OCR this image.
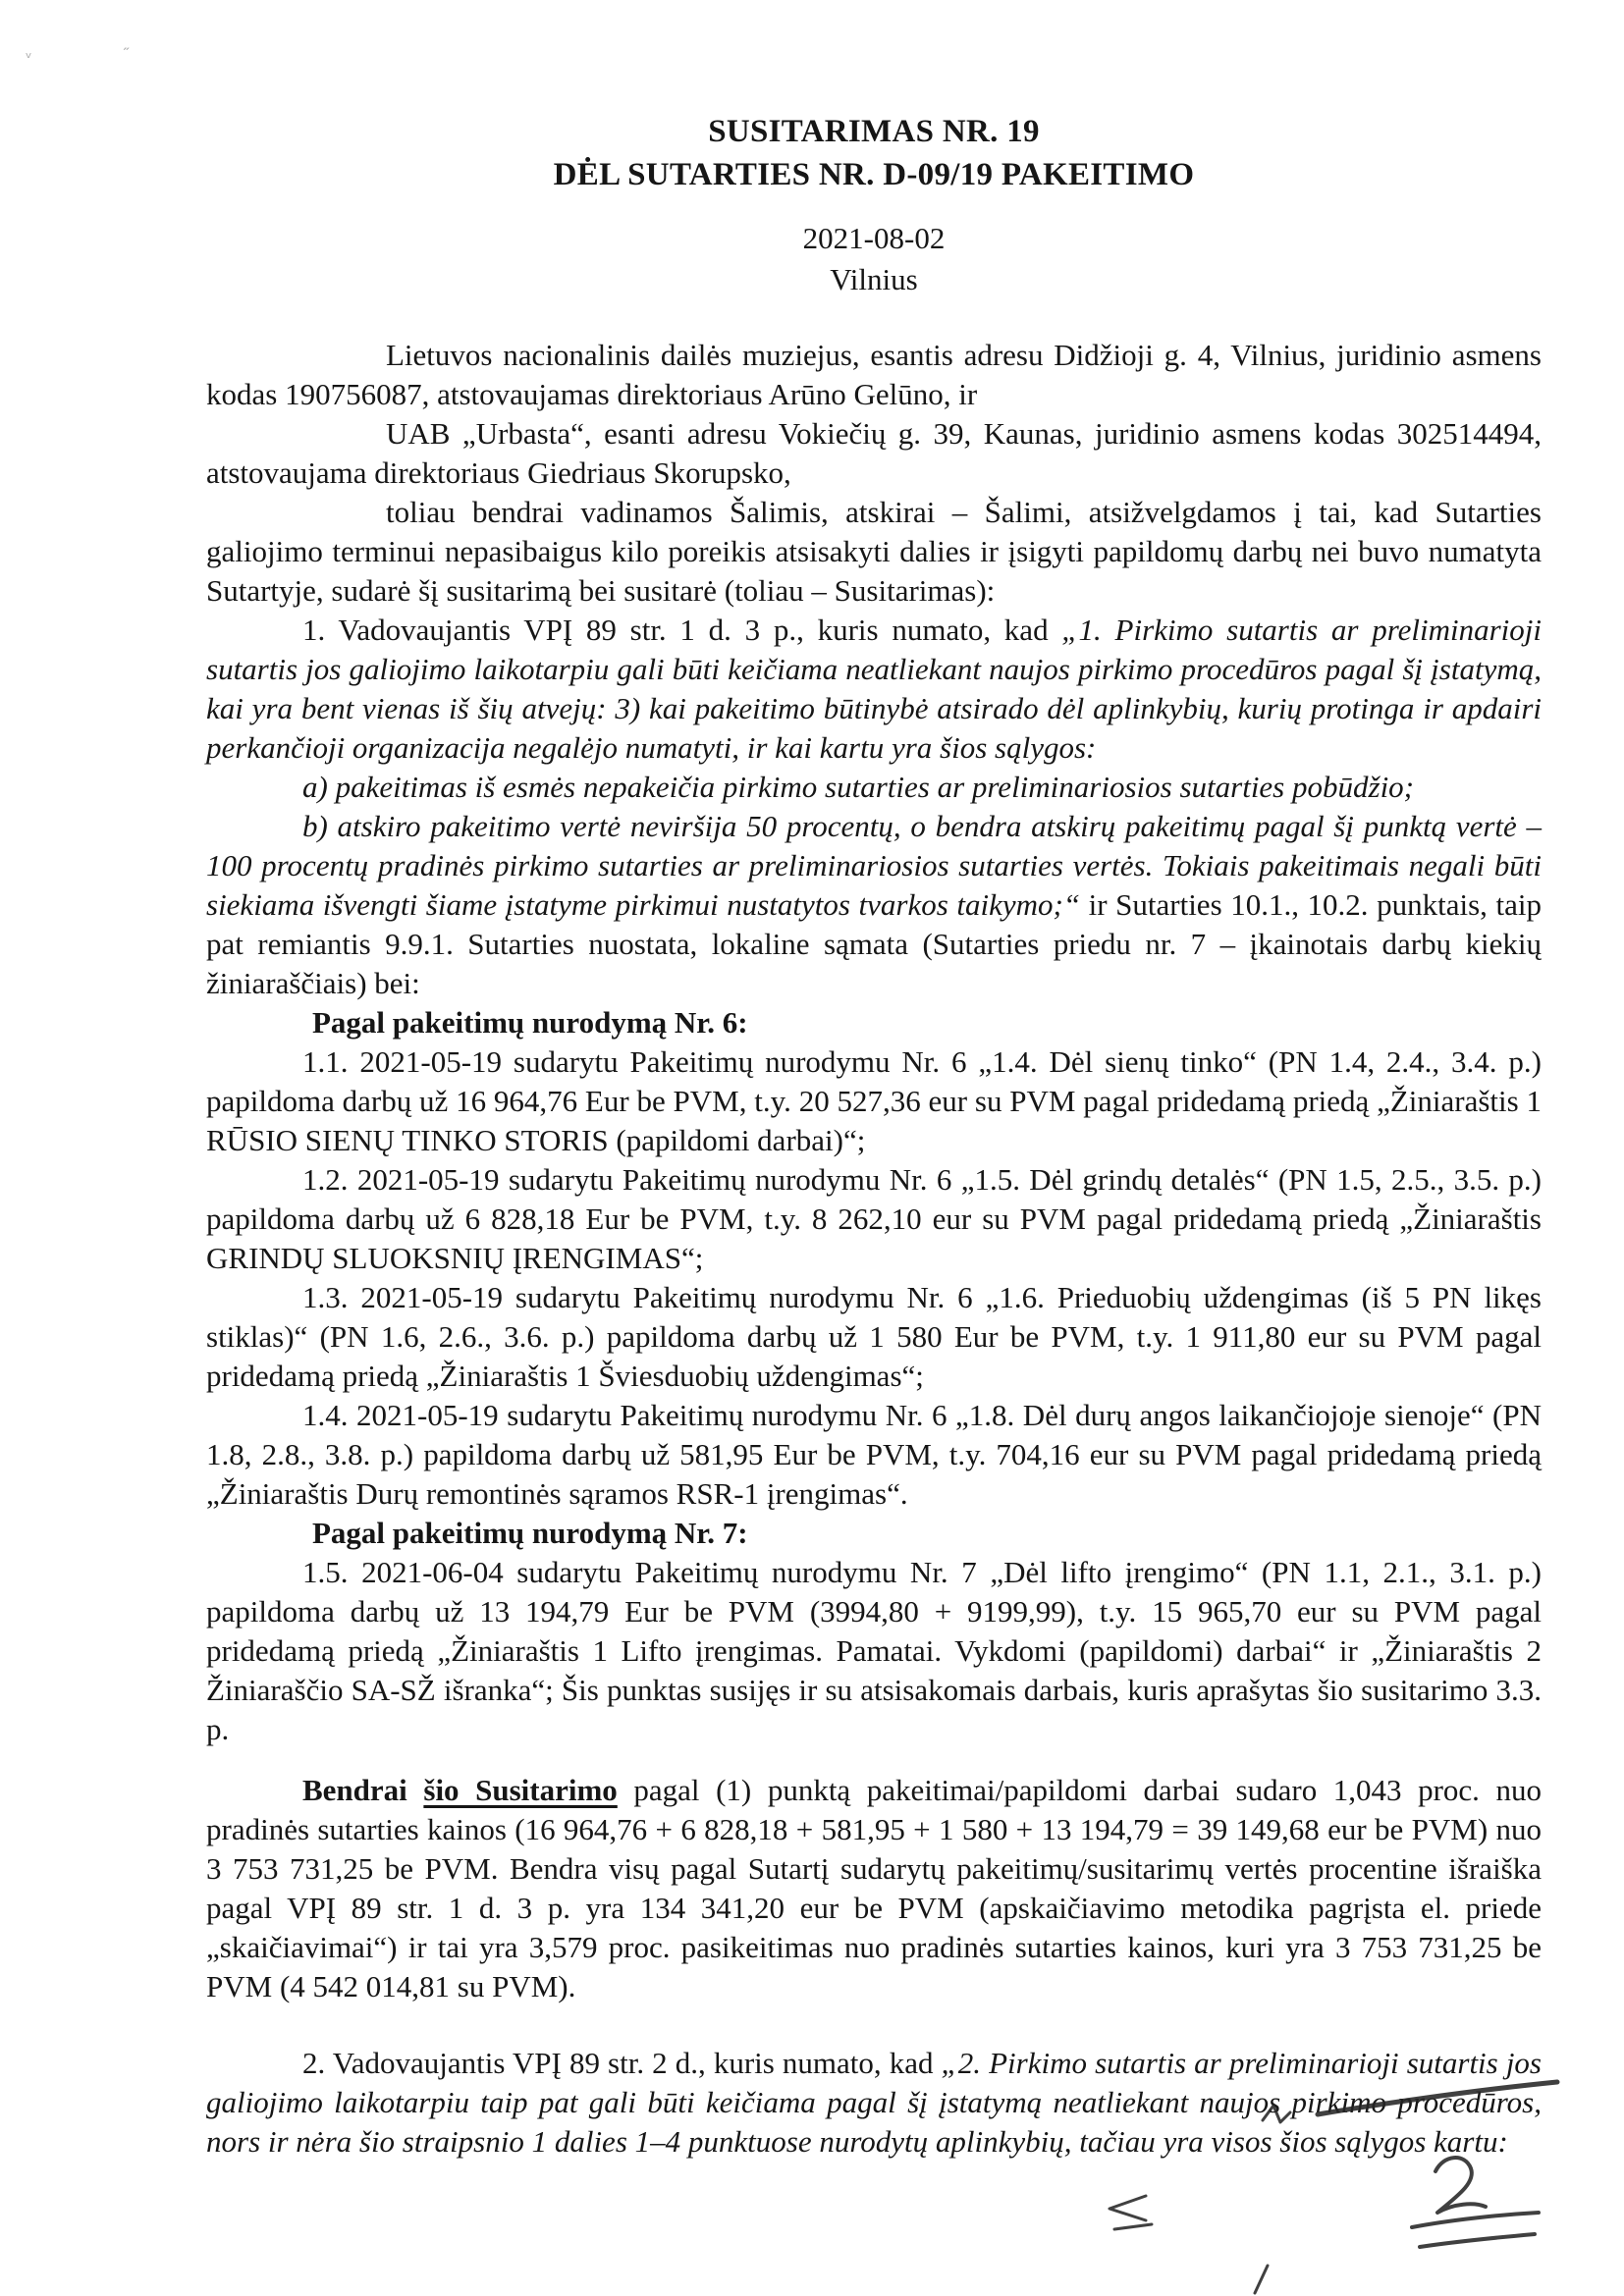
ᵥ	˶
SUSITARIMAS NR. 19
DĖL SUTARTIES NR. D-09/19 PAKEITIMO
2021-08-02
Vilnius

Lietuvos nacionalinis dailės muziejus, esantis adresu Didžioji g. 4, Vilnius, juridinio asmens kodas 190756087, atstovaujamas direktoriaus Arūno Gelūno, ir

UAB „Urbasta“, esanti adresu Vokiečių g. 39, Kaunas, juridinio asmens kodas 302514494, atstovaujama direktoriaus Giedriaus Skorupsko,

toliau bendrai vadinamos Šalimis, atskirai – Šalimi, atsižvelgdamos į tai, kad Sutarties galiojimo terminui nepasibaigus kilo poreikis atsisakyti dalies ir įsigyti papildomų darbų nei buvo numatyta Sutartyje, sudarė šį susitarimą bei susitarė (toliau – Susitarimas):

1. Vadovaujantis VPĮ 89 str. 1 d. 3 p., kuris numato, kad „1. Pirkimo sutartis ar preliminarioji sutartis jos galiojimo laikotarpiu gali būti keičiama neatliekant naujos pirkimo procedūros pagal šį įstatymą, kai yra bent vienas iš šių atvejų: 3) kai pakeitimo būtinybė atsirado dėl aplinkybių, kurių protinga ir apdairi perkančioji organizacija negalėjo numatyti, ir kai kartu yra šios sąlygos:

a) pakeitimas iš esmės nepakeičia pirkimo sutarties ar preliminariosios sutarties pobūdžio;

b) atskiro pakeitimo vertė neviršija 50 procentų, o bendra atskirų pakeitimų pagal šį punktą vertė – 100 procentų pradinės pirkimo sutarties ar preliminariosios sutarties vertės. Tokiais pakeitimais negali būti siekiama išvengti šiame įstatyme pirkimui nustatytos tvarkos taikymo;“ ir Sutarties 10.1., 10.2. punktais, taip pat remiantis 9.9.1. Sutarties nuostata, lokaline sąmata (Sutarties priedu nr. 7 – įkainotais darbų kiekių žiniaraščiais) bei:

Pagal pakeitimų nurodymą Nr. 6:

1.1. 2021-05-19 sudarytu Pakeitimų nurodymu Nr. 6 „1.4. Dėl sienų tinko“ (PN 1.4, 2.4., 3.4. p.) papildoma darbų už 16 964,76 Eur be PVM, t.y. 20 527,36 eur su PVM pagal pridedamą priedą „Žiniaraštis 1 RŪSIO SIENŲ TINKO STORIS (papildomi darbai)“;

1.2. 2021-05-19 sudarytu Pakeitimų nurodymu Nr. 6 „1.5. Dėl grindų detalės“ (PN 1.5, 2.5., 3.5. p.) papildoma darbų už 6 828,18 Eur be PVM, t.y. 8 262,10 eur su PVM pagal pridedamą priedą „Žiniaraštis GRINDŲ SLUOKSNIŲ ĮRENGIMAS“;

1.3. 2021-05-19 sudarytu Pakeitimų nurodymu Nr. 6 „1.6. Prieduobių uždengimas (iš 5 PN likęs stiklas)“ (PN 1.6, 2.6., 3.6. p.) papildoma darbų už 1 580 Eur be PVM, t.y. 1 911,80 eur su PVM pagal pridedamą priedą „Žiniaraštis 1 Šviesduobių uždengimas“;

1.4. 2021-05-19 sudarytu Pakeitimų nurodymu Nr. 6 „1.8. Dėl durų angos laikančiojoje sienoje“ (PN 1.8, 2.8., 3.8. p.) papildoma darbų už 581,95 Eur be PVM, t.y. 704,16 eur su PVM pagal pridedamą priedą „Žiniaraštis Durų remontinės sąramos RSR-1 įrengimas“.

Pagal pakeitimų nurodymą Nr. 7:

1.5. 2021-06-04 sudarytu Pakeitimų nurodymu Nr. 7 „Dėl lifto įrengimo“ (PN 1.1, 2.1., 3.1. p.) papildoma darbų už 13 194,79 Eur be PVM (3994,80 + 9199,99), t.y. 15 965,70 eur su PVM pagal pridedamą priedą „Žiniaraštis 1 Lifto įrengimas. Pamatai. Vykdomi (papildomi) darbai“ ir „Žiniaraštis 2 Žiniaraščio SA-SŽ išranka“; Šis punktas susijęs ir su atsisakomais darbais, kuris aprašytas šio susitarimo 3.3. p.

Bendrai šio Susitarimo pagal (1) punktą pakeitimai/papildomi darbai sudaro 1,043 proc. nuo pradinės sutarties kainos (16 964,76 + 6 828,18 + 581,95 + 1 580 + 13 194,79 = 39 149,68 eur be PVM) nuo 3 753 731,25 be PVM. Bendra visų pagal Sutartį sudarytų pakeitimų/susitarimų vertės procentine išraiška pagal VPĮ 89 str. 1 d. 3 p. yra 134 341,20 eur be PVM (apskaičiavimo metodika pagrįsta el. priede „skaičiavimai“) ir tai yra 3,579 proc. pasikeitimas nuo pradinės sutarties kainos, kuri yra 3 753 731,25 be PVM (4 542 014,81 su PVM).

2. Vadovaujantis VPĮ 89 str. 2 d., kuris numato, kad „2. Pirkimo sutartis ar preliminarioji sutartis jos galiojimo laikotarpiu taip pat gali būti keičiama pagal šį įstatymą neatliekant naujos pirkimo procedūros, nors ir nėra šio straipsnio 1 dalies 1–4 punktuose nurodytų aplinkybių, tačiau yra visos šios sąlygos kartu:
